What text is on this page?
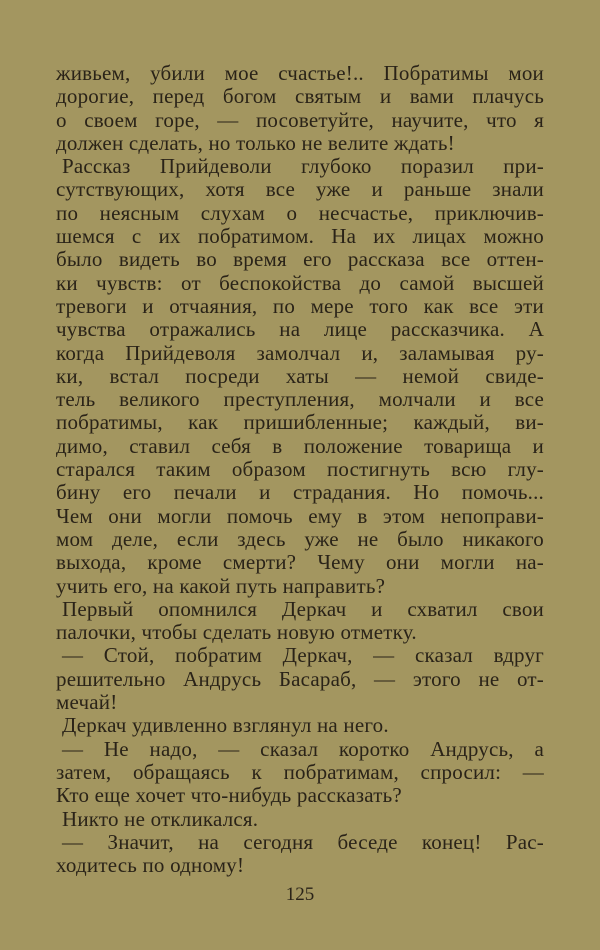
живьем, убили мое счастье!.. Побратимы мои
дорогие, перед богом святым и вами плачусь
о своем горе, — посоветуйте, научите, что я
должен сделать, но только не велите ждать!
Рассказ Прийдеволи глубоко поразил при-
сутствующих, хотя все уже и раньше знали
по неясным слухам о несчастье, приключив-
шемся с их побратимом. На их лицах можно
было видеть во время его рассказа все оттен-
ки чувств: от беспокойства до самой высшей
тревоги и отчаяния, по мере того как все эти
чувства отражались на лице рассказчика. А
когда Прийдеволя замолчал и, заламывая ру-
ки, встал посреди хаты — немой свиде-
тель великого преступления, молчали и все
побратимы, как пришибленные; каждый, ви-
димо, ставил себя в положение товарища и
старался таким образом постигнуть всю глу-
бину его печали и страдания. Но помочь...
Чем они могли помочь ему в этом непоправи-
мом деле, если здесь уже не было никакого
выхода, кроме смерти? Чему они могли на-
учить его, на какой путь направить?
Первый опомнился Деркач и схватил свои
палочки, чтобы сделать новую отметку.
— Стой, побратим Деркач, — сказал вдруг
решительно Андрусь Басараб, — этого не от-
мечай!
Деркач удивленно взглянул на него.
— Не надо, — сказал коротко Андрусь, а
затем, обращаясь к побратимам, спросил: —
Кто еще хочет что-нибудь рассказать?
Никто не откликался.
— Значит, на сегодня беседе конец! Рас-
ходитесь по одному!
125
